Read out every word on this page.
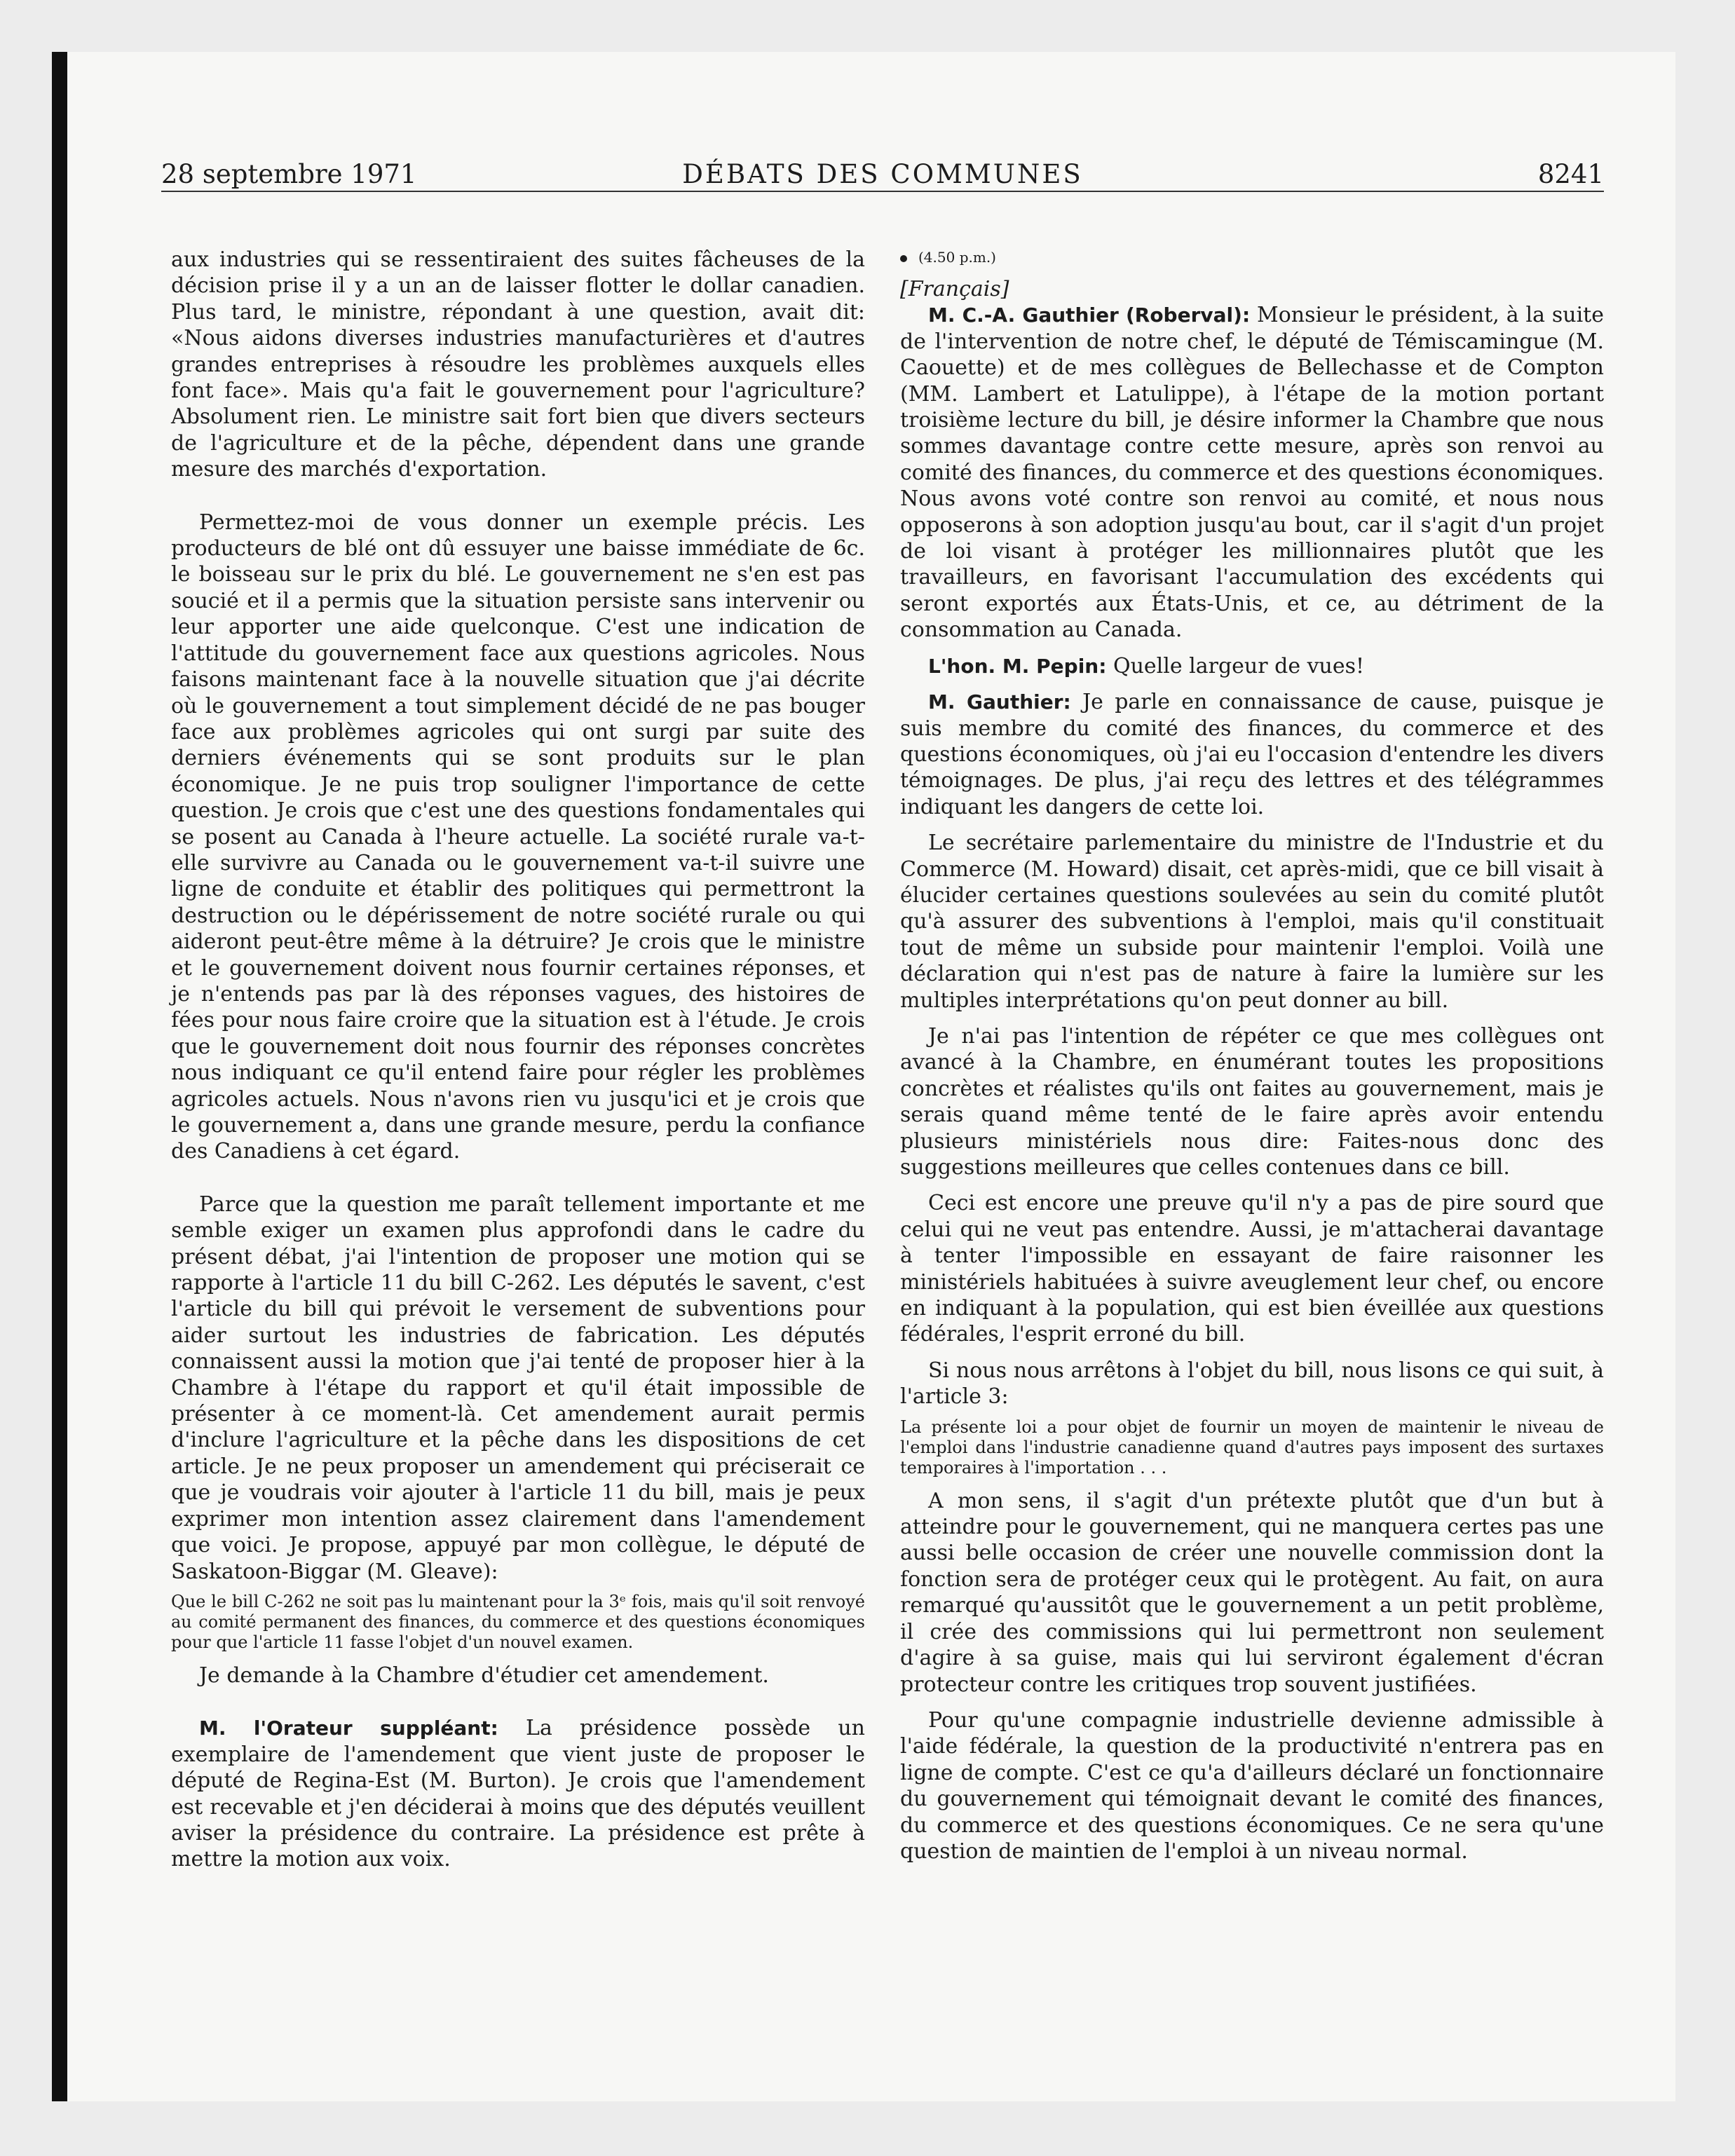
28 septembre 1971	DÉBATS DES COMMUNES	8241

aux industries qui se ressentiraient des suites fâcheuses de la décision prise il y a un an de laisser flotter le dollar canadien. Plus tard, le ministre, répondant à une question, avait dit: «Nous aidons diverses industries manufacturières et d'autres grandes entreprises à résoudre les problèmes auxquels elles font face». Mais qu'a fait le gouvernement pour l'agriculture? Absolument rien. Le ministre sait fort bien que divers secteurs de l'agriculture et de la pêche, dépendent dans une grande mesure des marchés d'exportation.

Permettez-moi de vous donner un exemple précis. Les producteurs de blé ont dû essuyer une baisse immédiate de 6c. le boisseau sur le prix du blé. Le gouvernement ne s'en est pas soucié et il a permis que la situation persiste sans intervenir ou leur apporter une aide quelconque. C'est une indication de l'attitude du gouvernement face aux questions agricoles. Nous faisons maintenant face à la nouvelle situation que j'ai décrite où le gouvernement a tout simplement décidé de ne pas bouger face aux problèmes agricoles qui ont surgi par suite des derniers événements qui se sont produits sur le plan économique. Je ne puis trop souligner l'importance de cette question. Je crois que c'est une des questions fondamentales qui se posent au Canada à l'heure actuelle. La société rurale va-t-elle survivre au Canada ou le gouvernement va-t-il suivre une ligne de conduite et établir des politiques qui permettront la destruction ou le dépérissement de notre société rurale ou qui aideront peut-être même à la détruire? Je crois que le ministre et le gouvernement doivent nous fournir certaines réponses, et je n'entends pas par là des réponses vagues, des histoires de fées pour nous faire croire que la situation est à l'étude. Je crois que le gouvernement doit nous fournir des réponses concrètes nous indiquant ce qu'il entend faire pour régler les problèmes agricoles actuels. Nous n'avons rien vu jusqu'ici et je crois que le gouvernement a, dans une grande mesure, perdu la confiance des Canadiens à cet égard.

Parce que la question me paraît tellement importante et me semble exiger un examen plus approfondi dans le cadre du présent débat, j'ai l'intention de proposer une motion qui se rapporte à l'article 11 du bill C-262. Les députés le savent, c'est l'article du bill qui prévoit le versement de subventions pour aider surtout les industries de fabrication. Les députés connaissent aussi la motion que j'ai tenté de proposer hier à la Chambre à l'étape du rapport et qu'il était impossible de présenter à ce moment-là. Cet amendement aurait permis d'inclure l'agriculture et la pêche dans les dispositions de cet article. Je ne peux proposer un amendement qui préciserait ce que je voudrais voir ajouter à l'article 11 du bill, mais je peux exprimer mon intention assez clairement dans l'amendement que voici. Je propose, appuyé par mon collègue, le député de Saskatoon-Biggar (M. Gleave):

Que le bill C-262 ne soit pas lu maintenant pour la 3ᵉ fois, mais qu'il soit renvoyé au comité permanent des finances, du commerce et des questions économiques pour que l'article 11 fasse l'objet d'un nouvel examen.

Je demande à la Chambre d'étudier cet amendement.

M. l'Orateur suppléant: La présidence possède un exemplaire de l'amendement que vient juste de proposer le député de Regina-Est (M. Burton). Je crois que l'amendement est recevable et j'en déciderai à moins que des députés veuillent aviser la présidence du contraire. La présidence est prête à mettre la motion aux voix.

(4.50 p.m.)

[Français]

M. C.-A. Gauthier (Roberval): Monsieur le président, à la suite de l'intervention de notre chef, le député de Témiscamingue (M. Caouette) et de mes collègues de Bellechasse et de Compton (MM. Lambert et Latulippe), à l'étape de la motion portant troisième lecture du bill, je désire informer la Chambre que nous sommes davantage contre cette mesure, après son renvoi au comité des finances, du commerce et des questions économiques. Nous avons voté contre son renvoi au comité, et nous nous opposerons à son adoption jusqu'au bout, car il s'agit d'un projet de loi visant à protéger les millionnaires plutôt que les travailleurs, en favorisant l'accumulation des excédents qui seront exportés aux États-Unis, et ce, au détriment de la consommation au Canada.

L'hon. M. Pepin: Quelle largeur de vues!

M. Gauthier: Je parle en connaissance de cause, puisque je suis membre du comité des finances, du commerce et des questions économiques, où j'ai eu l'occasion d'entendre les divers témoignages. De plus, j'ai reçu des lettres et des télégrammes indiquant les dangers de cette loi.

Le secrétaire parlementaire du ministre de l'Industrie et du Commerce (M. Howard) disait, cet après-midi, que ce bill visait à élucider certaines questions soulevées au sein du comité plutôt qu'à assurer des subventions à l'emploi, mais qu'il constituait tout de même un subside pour maintenir l'emploi. Voilà une déclaration qui n'est pas de nature à faire la lumière sur les multiples interprétations qu'on peut donner au bill.

Je n'ai pas l'intention de répéter ce que mes collègues ont avancé à la Chambre, en énumérant toutes les propositions concrètes et réalistes qu'ils ont faites au gouvernement, mais je serais quand même tenté de le faire après avoir entendu plusieurs ministériels nous dire: Faites-nous donc des suggestions meilleures que celles contenues dans ce bill.

Ceci est encore une preuve qu'il n'y a pas de pire sourd que celui qui ne veut pas entendre. Aussi, je m'attacherai davantage à tenter l'impossible en essayant de faire raisonner les ministériels habituées à suivre aveuglement leur chef, ou encore en indiquant à la population, qui est bien éveillée aux questions fédérales, l'esprit erroné du bill.

Si nous nous arrêtons à l'objet du bill, nous lisons ce qui suit, à l'article 3:

La présente loi a pour objet de fournir un moyen de maintenir le niveau de l'emploi dans l'industrie canadienne quand d'autres pays imposent des surtaxes temporaires à l'importation . . .

A mon sens, il s'agit d'un prétexte plutôt que d'un but à atteindre pour le gouvernement, qui ne manquera certes pas une aussi belle occasion de créer une nouvelle commission dont la fonction sera de protéger ceux qui le protègent. Au fait, on aura remarqué qu'aussitôt que le gouvernement a un petit problème, il crée des commissions qui lui permettront non seulement d'agire à sa guise, mais qui lui serviront également d'écran protecteur contre les critiques trop souvent justifiées.

Pour qu'une compagnie industrielle devienne admissible à l'aide fédérale, la question de la productivité n'entrera pas en ligne de compte. C'est ce qu'a d'ailleurs déclaré un fonctionnaire du gouvernement qui témoignait devant le comité des finances, du commerce et des questions économiques. Ce ne sera qu'une question de maintien de l'emploi à un niveau normal.
